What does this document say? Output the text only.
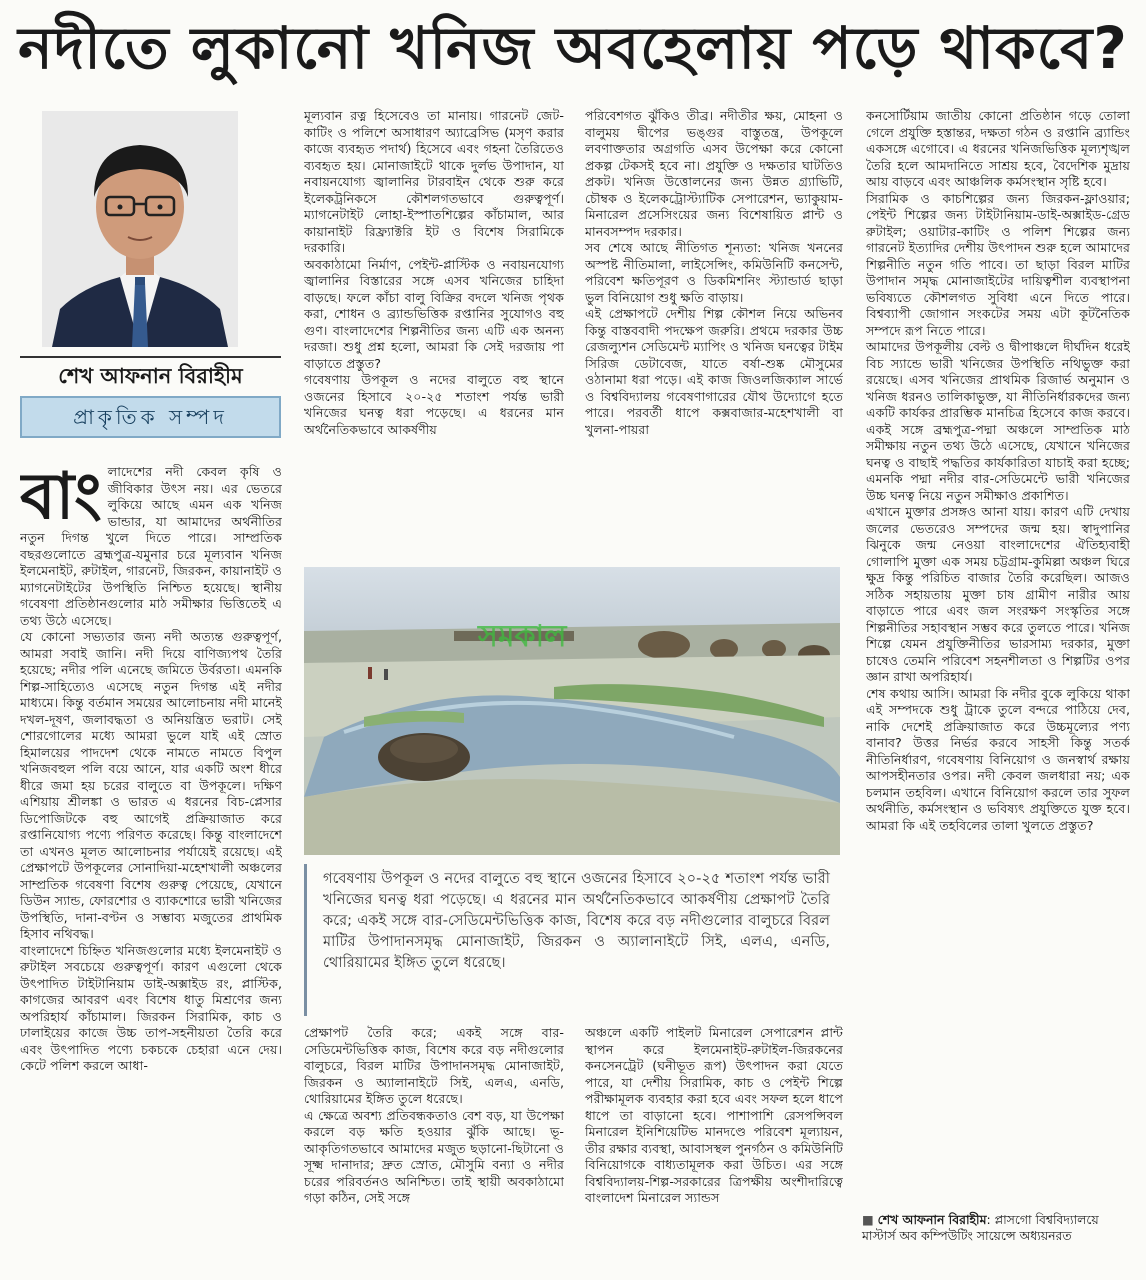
নদীতে লুকানো খনিজ অবহেলায় পড়ে থাকবে?
শেখ আফনান বিরাহীম
প্রাকৃতিক সম্পদ

বাং লাদেশের নদী কেবল কৃষি ও জীবিকার উৎস নয়। এর ভেতরে লুকিয়ে আছে এমন এক খনিজ ভান্ডার, যা আমাদের অর্থনীতির নতুন দিগন্ত খুলে দিতে পারে। সাম্প্রতিক বছরগুলোতে ব্রহ্মপুত্র-যমুনার চরে মূল্যবান খনিজ ইলমেনাইট, রুটাইল, গারনেট, জিরকন, কায়ানাইট ও ম্যাগনেটাইটের উপস্থিতি নিশ্চিত হয়েছে। স্থানীয় গবেষণা প্রতিষ্ঠানগুলোর মাঠ সমীক্ষার ভিত্তিতেই এ তথ্য উঠে এসেছে।

যে কোনো সভ্যতার জন্য নদী অত্যন্ত গুরুত্বপূর্ণ, আমরা সবাই জানি। নদী দিয়ে বাণিজ্যপথ তৈরি হয়েছে; নদীর পলি এনেছে জমিতে উর্বরতা। এমনকি শিল্প-সাহিত্যেও এসেছে নতুন দিগন্ত এই নদীর মাধ্যমে। কিন্তু বর্তমান সময়ের আলোচনায় নদী মানেই দখল-দূষণ, জলাবদ্ধতা ও অনিয়ন্ত্রিত ভরাট। সেই শোরগোলের মধ্যে আমরা ভুলে যাই এই স্রোত হিমালয়ের পাদদেশ থেকে নামতে নামতে বিপুল খনিজবহুল পলি বয়ে আনে, যার একটি অংশ ধীরে ধীরে জমা হয় চরের বালুতে বা উপকূলে। দক্ষিণ এশিয়ায় শ্রীলঙ্কা ও ভারত এ ধরনের বিচ-প্লেসার ডিপোজিটকে বহু আগেই প্রক্রিয়াজাত করে রপ্তানিযোগ্য পণ্যে পরিণত করেছে। কিন্তু বাংলাদেশে তা এখনও মূলত আলোচনার পর্যায়েই রয়েছে। এই প্রেক্ষাপটে উপকূলের সোনাদিয়া-মহেশখালী অঞ্চলের সাম্প্রতিক গবেষণা বিশেষ গুরুত্ব পেয়েছে, যেখানে ডিউন স্যান্ড, ফোরশোর ও ব্যাকশোরে ভারী খনিজের উপস্থিতি, দানা-বণ্টন ও সম্ভাব্য মজুতের প্রাথমিক হিসাব নথিবদ্ধ।

বাংলাদেশে চিহ্নিত খনিজগুলোর মধ্যে ইলমেনাইট ও রুটাইল সবচেয়ে গুরুত্বপূর্ণ। কারণ এগুলো থেকে উৎপাদিত টাইটানিয়াম ডাই-অক্সাইড রং, প্লাস্টিক, কাগজের আবরণ এবং বিশেষ ধাতু মিশ্রণের জন্য অপরিহার্য কাঁচামাল। জিরকন সিরামিক, কাচ ও ঢালাইয়ের কাজে উচ্চ তাপ-সহনীয়তা তৈরি করে এবং উৎপাদিত পণ্যে চকচকে চেহারা এনে দেয়। কেটে পলিশ করলে আধা-

মূল্যবান রত্ন হিসেবেও তা মানায়। গারনেট জেট-কাটিং ও পলিশে অসাধারণ অ্যাব্রেসিভ (মসৃণ করার কাজে ব্যবহৃত পদার্থ) হিসেবে এবং গহনা তৈরিতেও ব্যবহৃত হয়। মোনাজাইটে থাকে দুর্লভ উপাদান, যা নবায়নযোগ্য জ্বালানির টারবাইন থেকে শুরু করে ইলেকট্রনিকসে কৌশলগতভাবে গুরুত্বপূর্ণ। ম্যাগনেটাইট লোহা-ইস্পাতশিল্পের কাঁচামাল, আর কায়ানাইট রিফ্র্যাক্টরি ইট ও বিশেষ সিরামিকে দরকারি।

অবকাঠামো নির্মাণ, পেইন্ট-প্লাস্টিক ও নবায়নযোগ্য জ্বালানির বিস্তারের সঙ্গে এসব খনিজের চাহিদা বাড়ছে। ফলে কাঁচা বালু বিক্রির বদলে খনিজ পৃথক করা, শোধন ও ব্র্যান্ডভিত্তিক রপ্তানির সুযোগও বহু গুণ। বাংলাদেশের শিল্পনীতির জন্য এটি এক অনন্য দরজা। শুধু প্রশ্ন হলো, আমরা কি সেই দরজায় পা বাড়াতে প্রস্তুত?

গবেষণায় উপকূল ও নদের বালুতে বহু স্থানে ওজনের হিসাবে ২০-২৫ শতাংশ পর্যন্ত ভারী খনিজের ঘনত্ব ধরা পড়েছে। এ ধরনের মান অর্থনৈতিকভাবে আকর্ষণীয়

পরিবেশগত ঝুঁকিও তীব্র। নদীতীর ক্ষয়, মোহনা ও বালুময় দ্বীপের ভঙ্গুর বাস্তুতন্ত্র, উপকূলে লবণাক্ততার অগ্রগতি এসব উপেক্ষা করে কোনো প্রকল্প টেকসই হবে না। প্রযুক্তি ও দক্ষতার ঘাটতিও প্রকট। খনিজ উত্তোলনের জন্য উন্নত গ্র্যাভিটি, চৌম্বক ও ইলেকট্রোস্ট্যাটিক সেপারেশন, ভ্যাকুয়াম-মিনারেল প্রসেসিংয়ের জন্য বিশেষায়িত প্লান্ট ও মানবসম্পদ দরকার।

সব শেষে আছে নীতিগত শূন্যতা: খনিজ খননের অস্পষ্ট নীতিমালা, লাইসেন্সিং, কমিউনিটি কনসেন্ট, পরিবেশ ক্ষতিপূরণ ও ডিকমিশনিং স্ট্যান্ডার্ড ছাড়া ভুল বিনিয়োগ শুধু ক্ষতি বাড়ায়।

এই প্রেক্ষাপটে দেশীয় শিল্প কৌশল নিয়ে অভিনব কিন্তু বাস্তববাদী পদক্ষেপ জরুরি। প্রথমে দরকার উচ্চ রেজল্যুশন সেডিমেন্ট ম্যাপিং ও খনিজ ঘনত্বের টাইম সিরিজ ডেটাবেজ, যাতে বর্ষা-শুষ্ক মৌসুমের ওঠানামা ধরা পড়ে। এই কাজ জিওলজিক্যাল সার্ভে ও বিশ্ববিদ্যালয় গবেষণাগারের যৌথ উদ্যোগে হতে পারে। পরবর্তী ধাপে কক্সবাজার-মহেশখালী বা খুলনা-পায়রা

সমকাল
গবেষণায় উপকূল ও নদের বালুতে বহু স্থানে ওজনের হিসাবে ২০-২৫ শতাংশ পর্যন্ত ভারী খনিজের ঘনত্ব ধরা পড়েছে। এ ধরনের মান অর্থনৈতিকভাবে আকর্ষণীয় প্রেক্ষাপট তৈরি করে; একই সঙ্গে বার-সেডিমেন্টভিত্তিক কাজ, বিশেষ করে বড় নদীগুলোর বালুচরে বিরল মাটির উপাদানসমৃদ্ধ মোনাজাইট, জিরকন ও অ্যালানাইটে সিই, এলএ, এনডি, থোরিয়ামের ইঙ্গিত তুলে ধরেছে।

প্রেক্ষাপট তৈরি করে; একই সঙ্গে বার-সেডিমেন্টভিত্তিক কাজ, বিশেষ করে বড় নদীগুলোর বালুচরে, বিরল মাটির উপাদানসমৃদ্ধ মোনাজাইট, জিরকন ও অ্যালানাইটে সিই, এলএ, এনডি, থোরিয়ামের ইঙ্গিত তুলে ধরেছে।

এ ক্ষেত্রে অবশ্য প্রতিবন্ধকতাও বেশ বড়, যা উপেক্ষা করলে বড় ক্ষতি হওয়ার ঝুঁকি আছে। ভূ-আকৃতিগতভাবে আমাদের মজুত ছড়ানো-ছিটানো ও সূক্ষ্ম দানাদার; দ্রুত স্রোত, মৌসুমি বন্যা ও নদীর চরের পরিবর্তনও অনিশ্চিত। তাই স্থায়ী অবকাঠামো গড়া কঠিন, সেই সঙ্গে

অঞ্চলে একটি পাইলট মিনারেল সেপারেশন প্লান্ট স্থাপন করে ইলমেনাইট-রুটাইল-জিরকনের কনসেনট্রেট (ঘনীভূত রূপ) উৎপাদন করা যেতে পারে, যা দেশীয় সিরামিক, কাচ ও পেইন্ট শিল্পে পরীক্ষামূলক ব্যবহার করা হবে এবং সফল হলে ধাপে ধাপে তা বাড়ানো হবে। পাশাপাশি রেসপন্সিবল মিনারেল ইনিশিয়েটিভ মানদণ্ডে পরিবেশ মূল্যায়ন, তীর রক্ষার ব্যবস্থা, আবাসস্থল পুনর্গঠন ও কমিউনিটি বিনিয়োগকে বাধ্যতামূলক করা উচিত। এর সঙ্গে বিশ্ববিদ্যালয়-শিল্প-সরকারের ত্রিপক্ষীয় অংশীদারিত্বে বাংলাদেশ মিনারেল স্যান্ডস

কনসোর্টিয়াম জাতীয় কোনো প্রতিষ্ঠান গড়ে তোলা গেলে প্রযুক্তি হস্তান্তর, দক্ষতা গঠন ও রপ্তানি ব্র্যান্ডিং একসঙ্গে এগোবে। এ ধরনের খনিজভিত্তিক মূল্যশৃঙ্খল তৈরি হলে আমদানিতে সাশ্রয় হবে, বৈদেশিক মুদ্রায় আয় বাড়বে এবং আঞ্চলিক কর্মসংস্থান সৃষ্টি হবে।

সিরামিক ও কাচশিল্পের জন্য জিরকন-ফ্লাওয়ার; পেইন্ট শিল্পের জন্য টাইটানিয়াম-ডাই-অক্সাইড-গ্রেড রুটাইল; ওয়াটার-কাটিং ও পলিশ শিল্পের জন্য গারনেট ইত্যাদির দেশীয় উৎপাদন শুরু হলে আমাদের শিল্পনীতি নতুন গতি পাবে। তা ছাড়া বিরল মাটির উপাদান সমৃদ্ধ মোনাজাইটের দায়িত্বশীল ব্যবস্থাপনা ভবিষ্যতে কৌশলগত সুবিধা এনে দিতে পারে। বিশ্বব্যাপী জোগান সংকটের সময় এটা কূটনৈতিক সম্পদে রূপ নিতে পারে।

আমাদের উপকূলীয় বেল্ট ও দ্বীপাঞ্চলে দীর্ঘদিন ধরেই বিচ স্যান্ডে ভারী খনিজের উপস্থিতি নথিভুক্ত করা রয়েছে। এসব খনিজের প্রাথমিক রিজার্ভ অনুমান ও খনিজ ধরনও তালিকাভুক্ত, যা নীতিনির্ধারকদের জন্য একটি কার্যকর প্রারম্ভিক মানচিত্র হিসেবে কাজ করবে। একই সঙ্গে ব্রহ্মপুত্র-পদ্মা অঞ্চলে সাম্প্রতিক মাঠ সমীক্ষায় নতুন তথ্য উঠে এসেছে, যেখানে খনিজের ঘনত্ব ও বাছাই পদ্ধতির কার্যকারিতা যাচাই করা হচ্ছে; এমনকি পদ্মা নদীর বার-সেডিমেন্টে ভারী খনিজের উচ্চ ঘনত্ব নিয়ে নতুন সমীক্ষাও প্রকাশিত।

এখানে মুক্তার প্রসঙ্গও আনা যায়। কারণ এটি দেখায় জলের ভেতরেও সম্পদের জন্ম হয়। স্বাদুপানির ঝিনুকে জন্ম নেওয়া বাংলাদেশের ঐতিহ্যবাহী গোলাপি মুক্তা এক সময় চট্টগ্রাম-কুমিল্লা অঞ্চল ঘিরে ক্ষুদ্র কিন্তু পরিচিত বাজার তৈরি করেছিল। আজও সঠিক সহায়তায় মুক্তা চাষ গ্রামীণ নারীর আয় বাড়াতে পারে এবং জল সংরক্ষণ সংস্কৃতির সঙ্গে শিল্পনীতির সহাবস্থান সম্ভব করে তুলতে পারে। খনিজ শিল্পে যেমন প্রযুক্তিনীতির ভারসাম্য দরকার, মুক্তা চাষেও তেমনি পরিবেশ সহনশীলতা ও শিল্পটির ওপর জ্ঞান রাখা অপরিহার্য।

শেষ কথায় আসি। আমরা কি নদীর বুকে লুকিয়ে থাকা এই সম্পদকে শুধু ট্রাকে তুলে বন্দরে পাঠিয়ে দেব, নাকি দেশেই প্রক্রিয়াজাত করে উচ্চমূল্যের পণ্য বানাব? উত্তর নির্ভর করবে সাহসী কিন্তু সতর্ক নীতিনির্ধারণ, গবেষণায় বিনিয়োগ ও জনস্বার্থ রক্ষায় আপসহীনতার ওপর। নদী কেবল জলধারা নয়; এক চলমান তহবিল। এখানে বিনিয়োগ করলে তার সুফল অর্থনীতি, কর্মসংস্থান ও ভবিষ্যৎ প্রযুক্তিতে যুক্ত হবে। আমরা কি এই তহবিলের তালা খুলতে প্রস্তুত?

■ শেখ আফনান বিরাহীম: প্লাসগো বিশ্ববিদ্যালয়ে মাস্টার্স অব কম্পিউটিং সায়েন্সে অধ্যয়নরত
